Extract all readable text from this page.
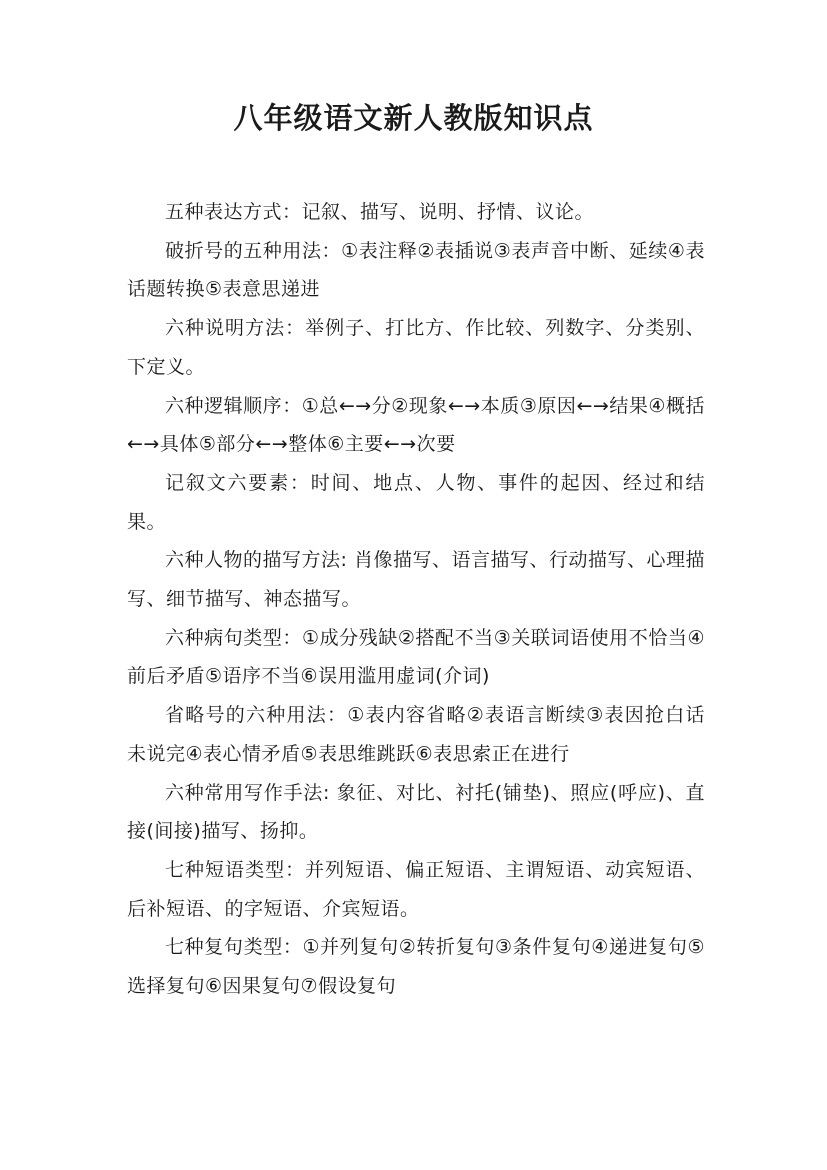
八年级语文新人教版知识点

五种表达方式：记叙、描写、说明、抒情、议论。

破折号的五种用法：①表注释②表插说③表声音中断、延续④表话题转换⑤表意思递进

六种说明方法：举例子、打比方、作比较、列数字、分类别、下定义。

六种逻辑顺序：①总←→分②现象←→本质③原因←→结果④概括←→具体⑤部分←→整体⑥主要←→次要

记叙文六要素：时间、地点、人物、事件的起因、经过和结果。

六种人物的描写方法: 肖像描写、语言描写、行动描写、心理描写、细节描写、神态描写。

六种病句类型：①成分残缺②搭配不当③关联词语使用不恰当④前后矛盾⑤语序不当⑥误用滥用虚词(介词)

省略号的六种用法：①表内容省略②表语言断续③表因抢白话未说完④表心情矛盾⑤表思维跳跃⑥表思索正在进行

六种常用写作手法: 象征、对比、衬托(铺垫)、照应(呼应)、直接(间接)描写、扬抑。

七种短语类型：并列短语、偏正短语、主谓短语、动宾短语、后补短语、的字短语、介宾短语。

七种复句类型：①并列复句②转折复句③条件复句④递进复句⑤选择复句⑥因果复句⑦假设复句
